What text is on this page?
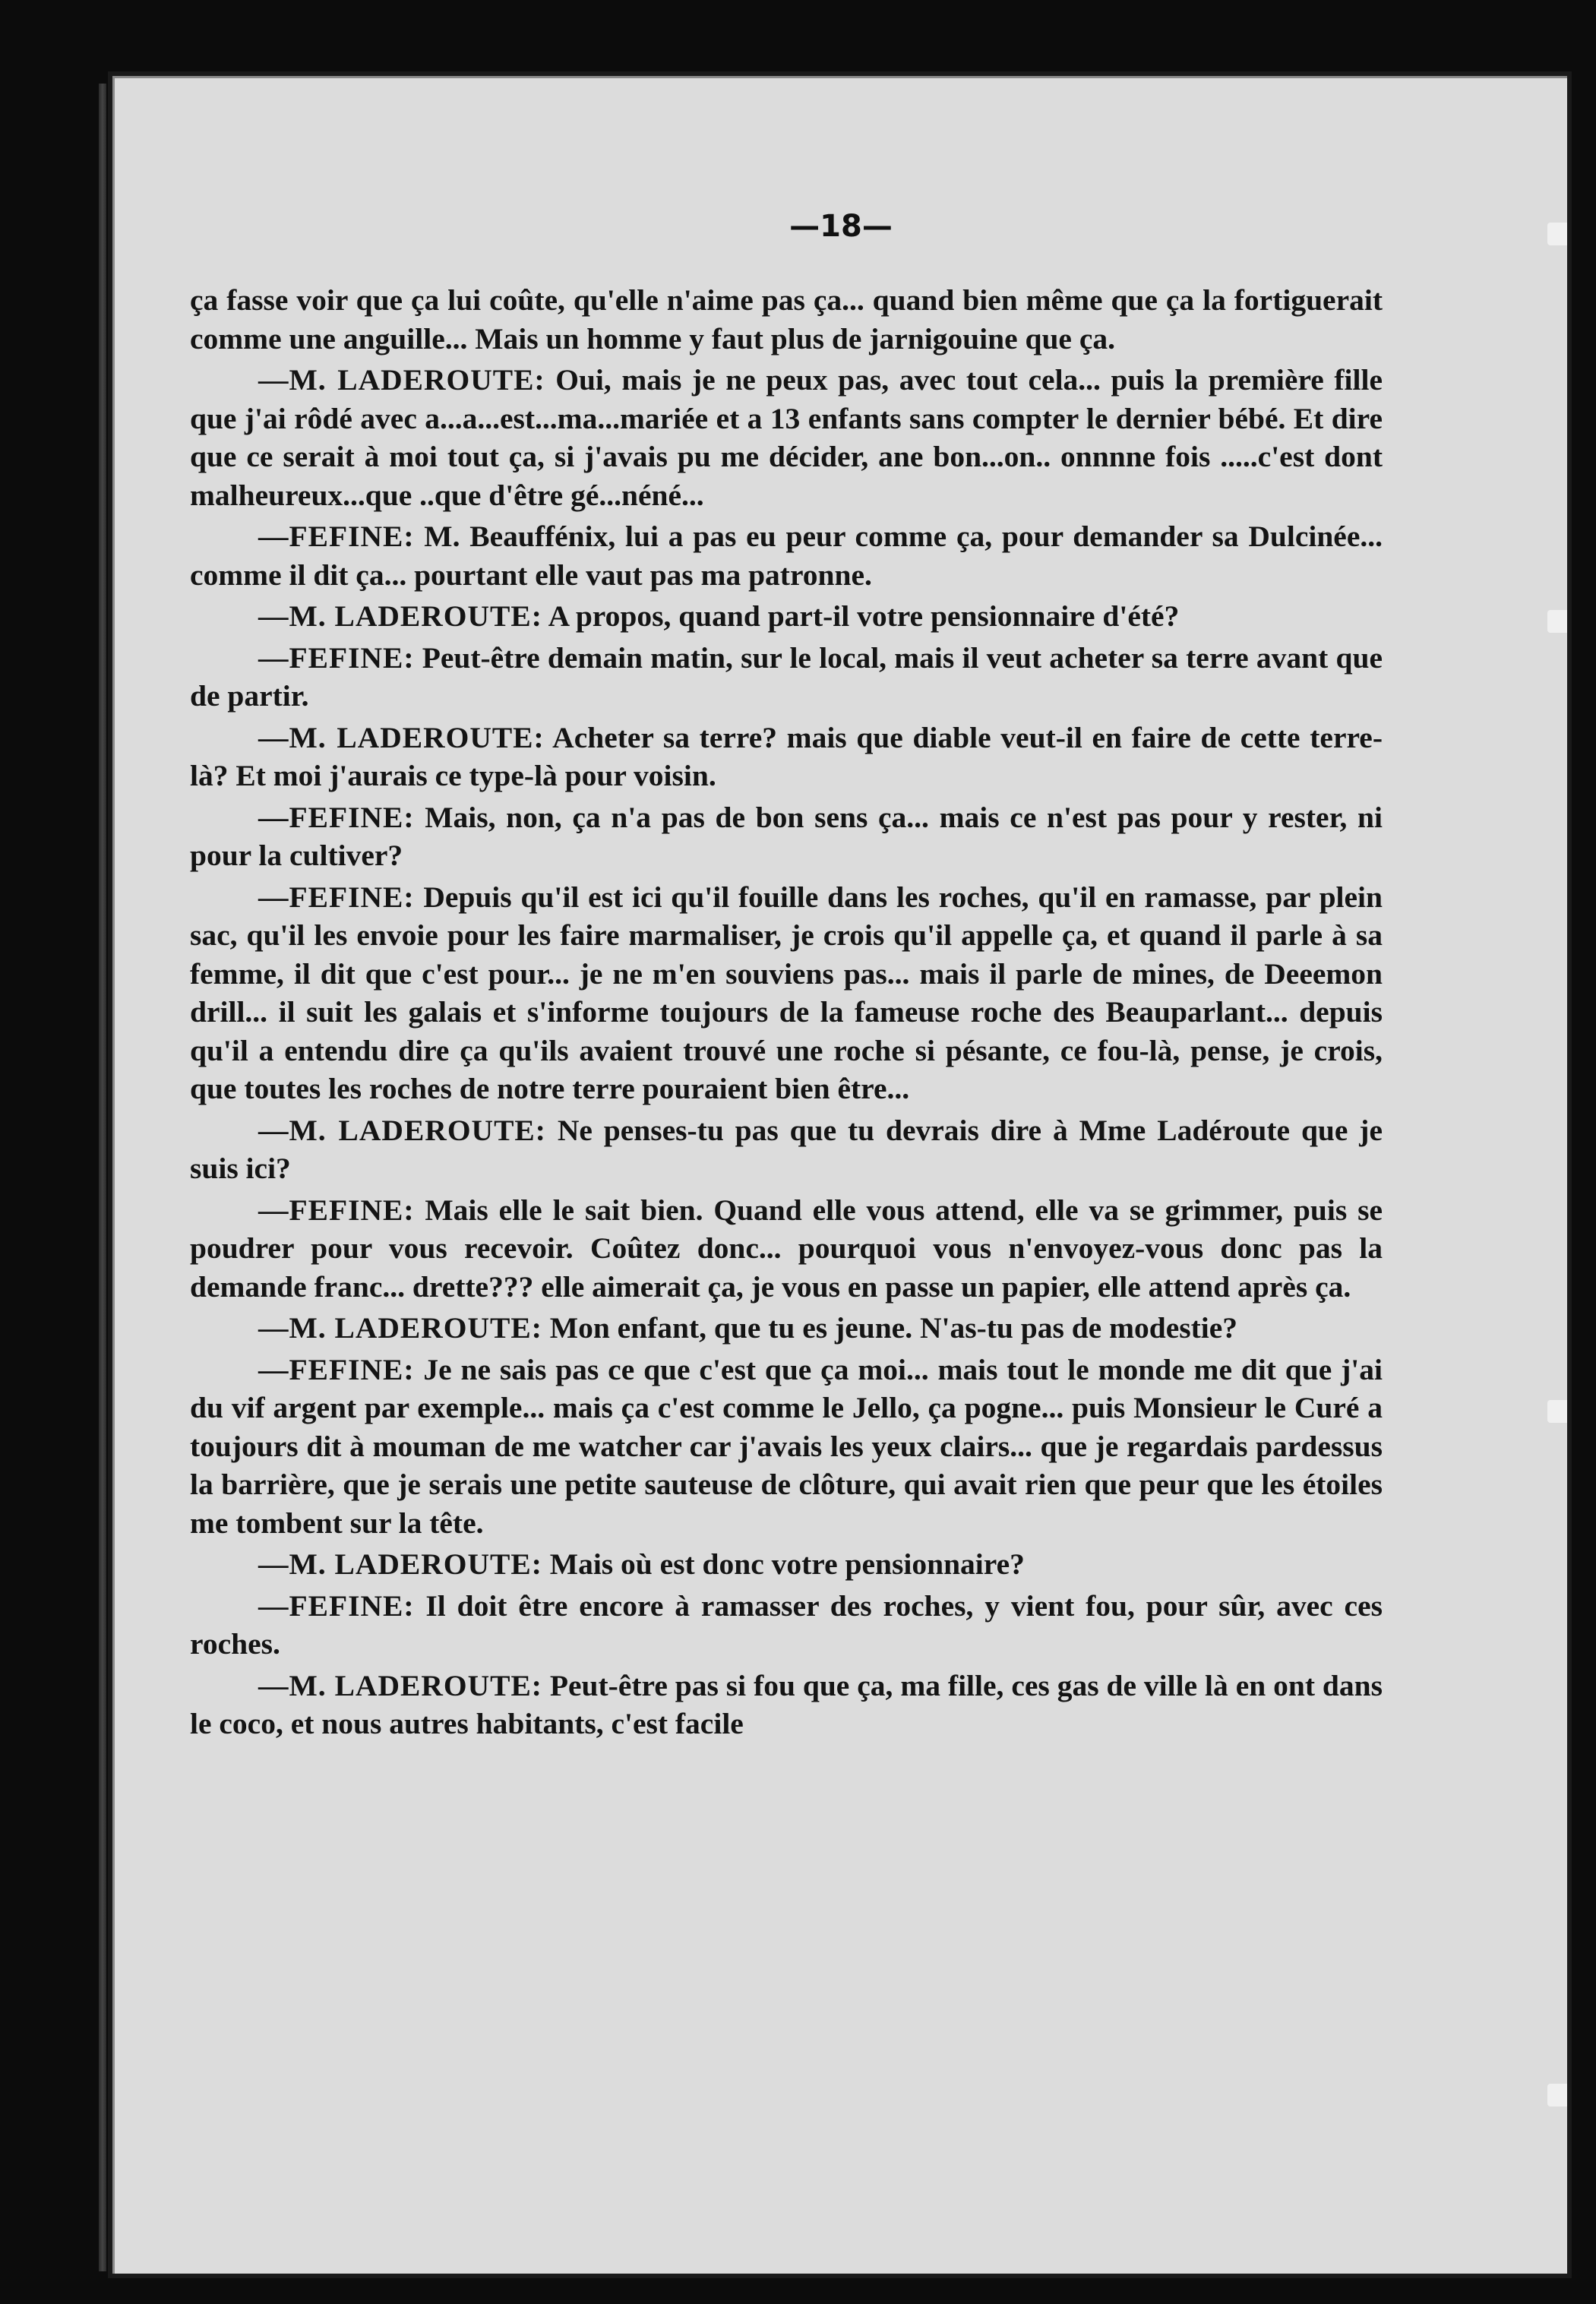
—18—

ça fasse voir que ça lui coûte, qu'elle n'aime pas ça... quand bien même que ça la fortiguerait comme une anguille... Mais un homme y faut plus de jarnigouine que ça.

—M. LADEROUTE: Oui, mais je ne peux pas, avec tout cela... puis la première fille que j'ai rôdé avec a...a...est...ma...mariée et a 13 enfants sans compter le dernier bébé. Et dire que ce serait à moi tout ça, si j'avais pu me décider, ane bon...on.. onnnne fois .....c'est dont malheureux...que ..que d'être gé...néné...

—FEFINE: M. Beauffénix, lui a pas eu peur comme ça, pour demander sa Dulcinée... comme il dit ça... pourtant elle vaut pas ma patronne.

—M. LADEROUTE: A propos, quand part-il votre pensionnaire d'été?

—FEFINE: Peut-être demain matin, sur le local, mais il veut acheter sa terre avant que de partir.

—M. LADEROUTE: Acheter sa terre? mais que diable veut-il en faire de cette terre-là? Et moi j'aurais ce type-là pour voisin.

—FEFINE: Mais, non, ça n'a pas de bon sens ça... mais ce n'est pas pour y rester, ni pour la cultiver?

—FEFINE: Depuis qu'il est ici qu'il fouille dans les roches, qu'il en ramasse, par plein sac, qu'il les envoie pour les faire marmaliser, je crois qu'il appelle ça, et quand il parle à sa femme, il dit que c'est pour... je ne m'en souviens pas... mais il parle de mines, de Deeemon drill... il suit les galais et s'informe toujours de la fameuse roche des Beauparlant... depuis qu'il a entendu dire ça qu'ils avaient trouvé une roche si pésante, ce fou-là, pense, je crois, que toutes les roches de notre terre pouraient bien être...

—M. LADEROUTE: Ne penses-tu pas que tu devrais dire à Mme Ladéroute que je suis ici?

—FEFINE: Mais elle le sait bien. Quand elle vous attend, elle va se grimmer, puis se poudrer pour vous recevoir. Coûtez donc... pourquoi vous n'envoyez-vous donc pas la demande franc... drette??? elle aimerait ça, je vous en passe un papier, elle attend après ça.

—M. LADEROUTE: Mon enfant, que tu es jeune. N'as-tu pas de modestie?

—FEFINE: Je ne sais pas ce que c'est que ça moi... mais tout le monde me dit que j'ai du vif argent par exemple... mais ça c'est comme le Jello, ça pogne... puis Monsieur le Curé a toujours dit à mouman de me watcher car j'avais les yeux clairs... que je regardais pardessus la barrière, que je serais une petite sauteuse de clôture, qui avait rien que peur que les étoiles me tombent sur la tête.

—M. LADEROUTE: Mais où est donc votre pensionnaire?

—FEFINE: Il doit être encore à ramasser des roches, y vient fou, pour sûr, avec ces roches.

—M. LADEROUTE: Peut-être pas si fou que ça, ma fille, ces gas de ville là en ont dans le coco, et nous autres habitants, c'est facile
